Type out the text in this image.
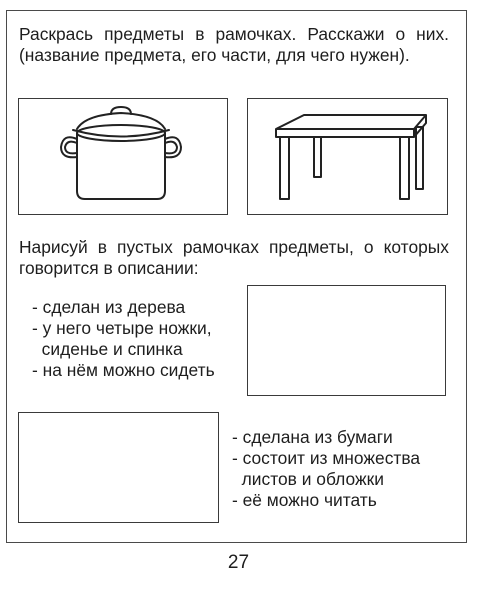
Раскрась предметы в рамочках. Расскажи о них. (название предмета, его части, для чего нужен).

Нарисуй в пустых рамочках предметы, о которых говорится в описании:

- сделан из дерева
- у него четыре ножки,
сиденье и спинка
- на нём можно сидеть
- сделана из бумаги
- состоит из множества
листов и обложки
- её можно читать
27
